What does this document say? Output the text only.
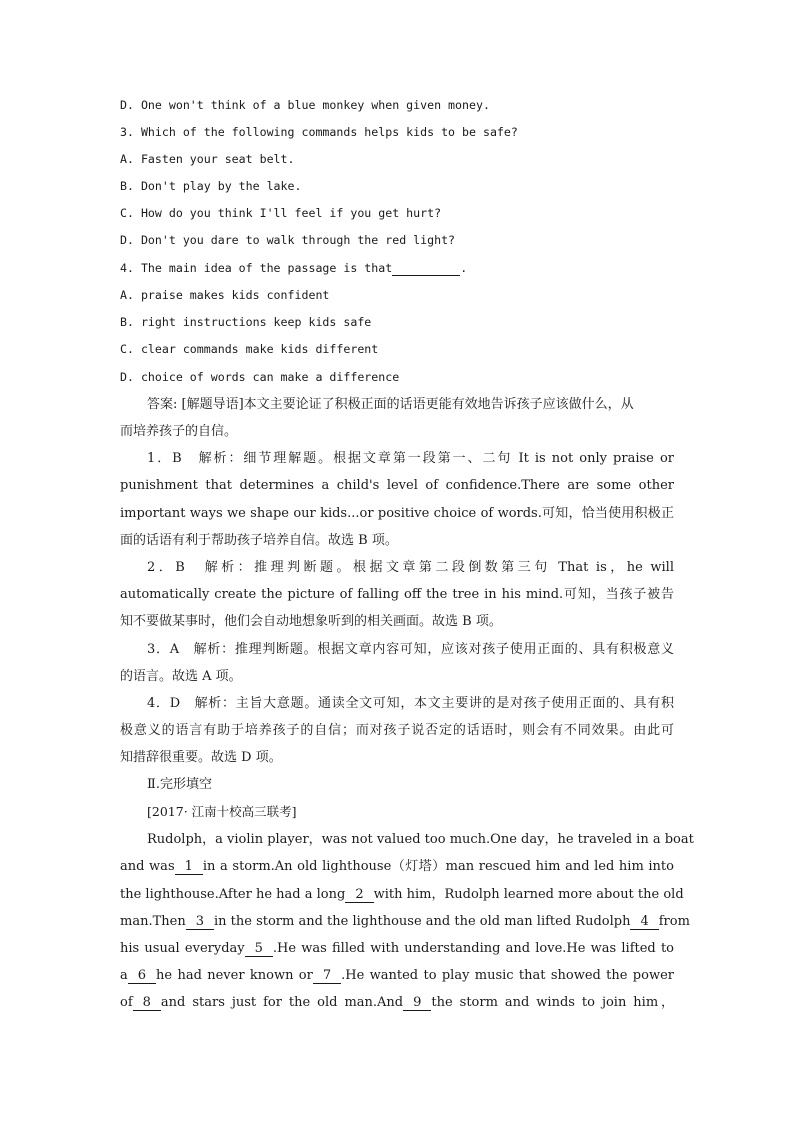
D. One won't think of a blue monkey when given money.
3. Which of the following commands helps kids to be safe?
A. Fasten your seat belt.
B. Don't play by the lake.
C. How do you think I'll feel if you get hurt?
D. Don't you dare to walk through the red light?
4. The main idea of the passage is that	.
A. praise makes kids confident
B. right instructions keep kids safe
C. clear commands make kids different
D. choice of words can make a difference
答案: [解题导语]本文主要论证了积极正面的话语更能有效地告诉孩子应该做什么，从
而培养孩子的自信。
1．B　解析：细节理解题。根据文章第一段第一、二句 It is not only praise or
punishment that determines a child's level of confidence.There are some other
important ways we shape our kids...or positive choice of words.可知，恰当使用积极正
面的话语有利于帮助孩子培养自信。故选 B 项。
2．B　解析：推理判断题。根据文章第二段倒数第三句 That is，he will
automatically create the picture of falling off the tree in his mind.可知，当孩子被告
知不要做某事时，他们会自动地想象听到的相关画面。故选 B 项。
3．A　解析：推理判断题。根据文章内容可知，应该对孩子使用正面的、具有积极意义
的语言。故选 A 项。
4．D　解析：主旨大意题。通读全文可知，本文主要讲的是对孩子使用正面的、具有积
极意义的语言有助于培养孩子的自信；而对孩子说否定的话语时，则会有不同效果。由此可
知措辞很重要。故选 D 项。
Ⅱ.完形填空
[2017· 江南十校高三联考]
Rudolph，a violin player，was not valued too much.One day，he traveled in a boat
and was 1 in a storm.An old lighthouse（灯塔）man rescued him and led him into
the lighthouse.After he had a long 2 with him，Rudolph learned more about the old
man.Then 3 in the storm and the lighthouse and the old man lifted Rudolph 4 from
his usual everyday 5 .He was filled with understanding and love.He was lifted to
a 6 he had never known or 7 .He wanted to play music that showed the power
of 8 and stars just for the old man.And 9 the storm and winds to join him，
